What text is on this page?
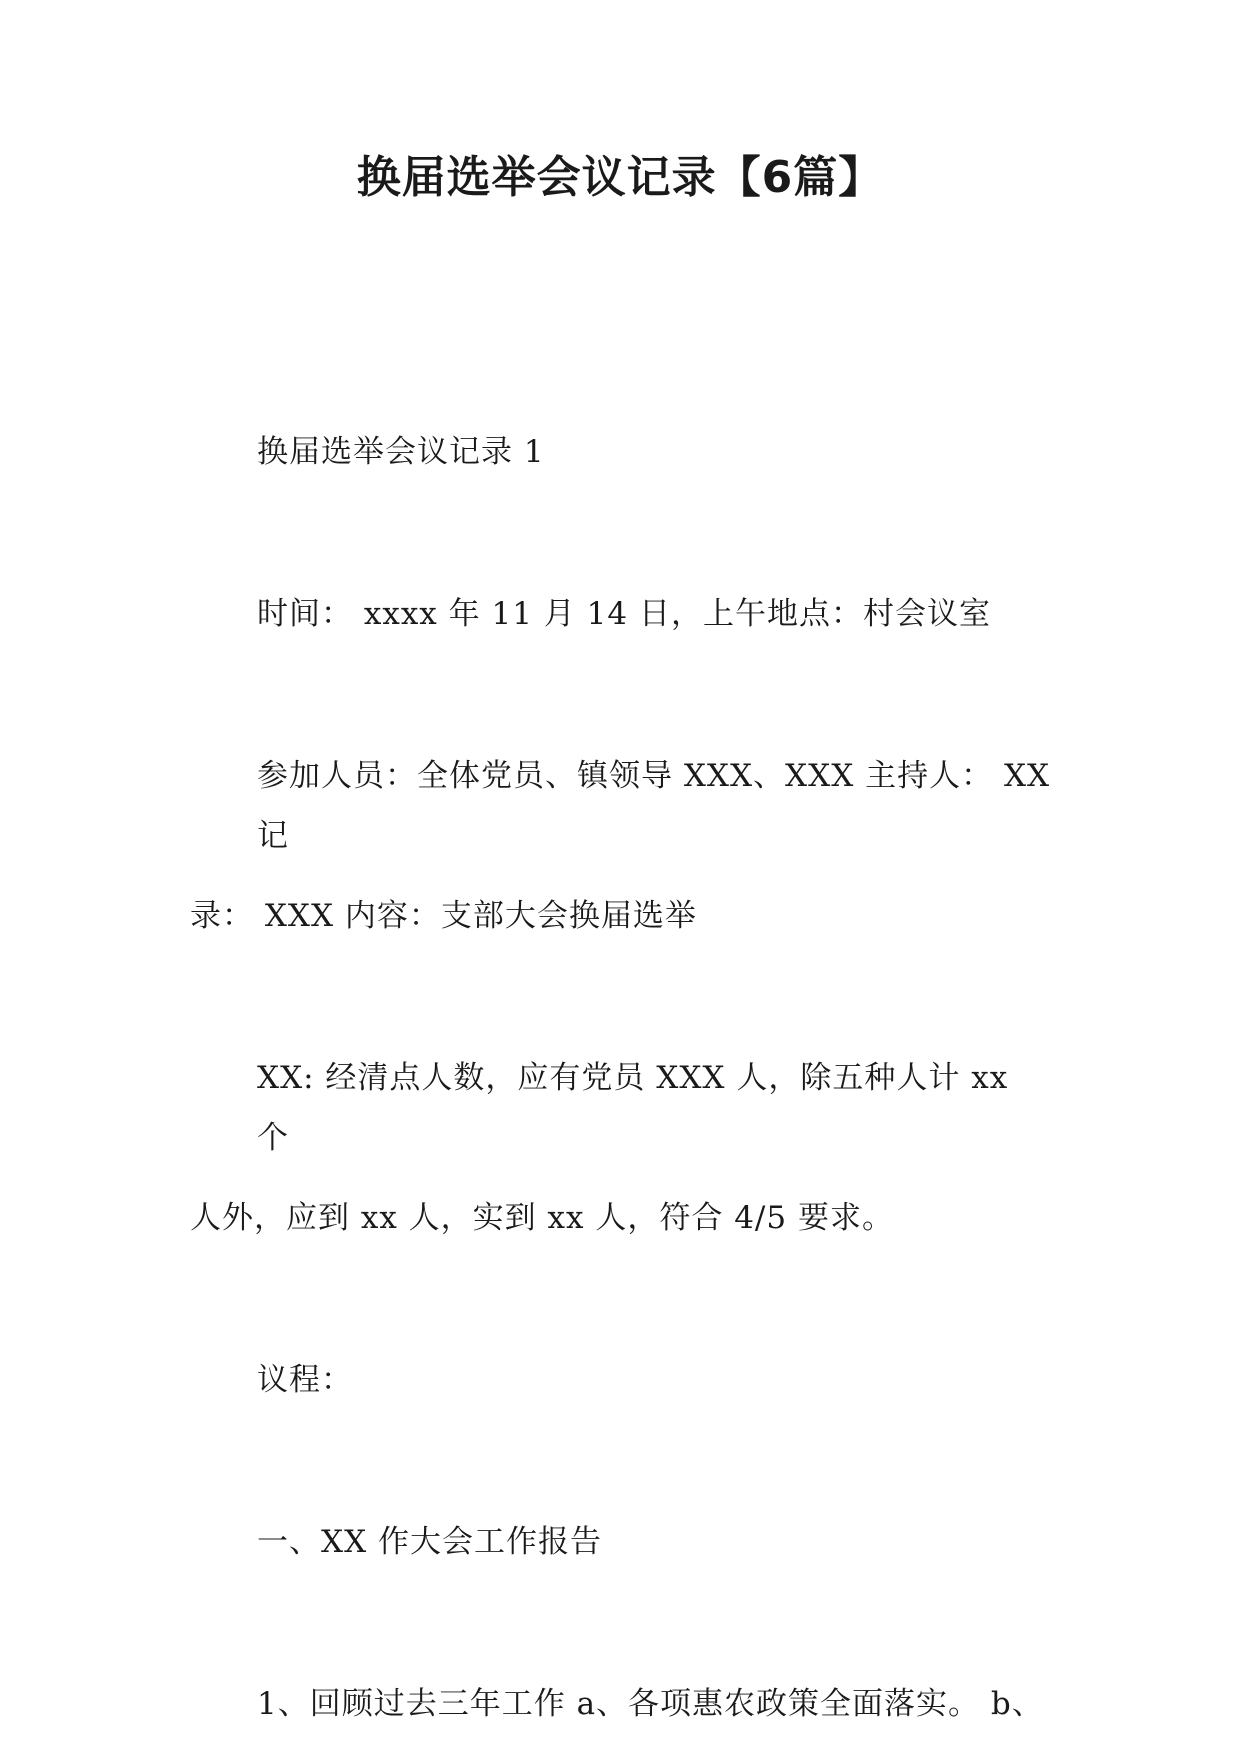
换届选举会议记录【6篇】
换届选举会议记录 1
时间： xxxx 年 11 月 14 日，上午地点：村会议室
参加人员：全体党员、镇领导 XXX、XXX 主持人： XX
记
录： XXX 内容：支部大会换届选举
XX: 经清点人数，应有党员 XXX 人，除五种人计 xx
个
人外，应到 xx 人，实到 xx 人，符合 4/5 要求。
议程：
一、XX 作大会工作报告
1、回顾过去三年工作 a、各项惠农政策全面落实。 b、
